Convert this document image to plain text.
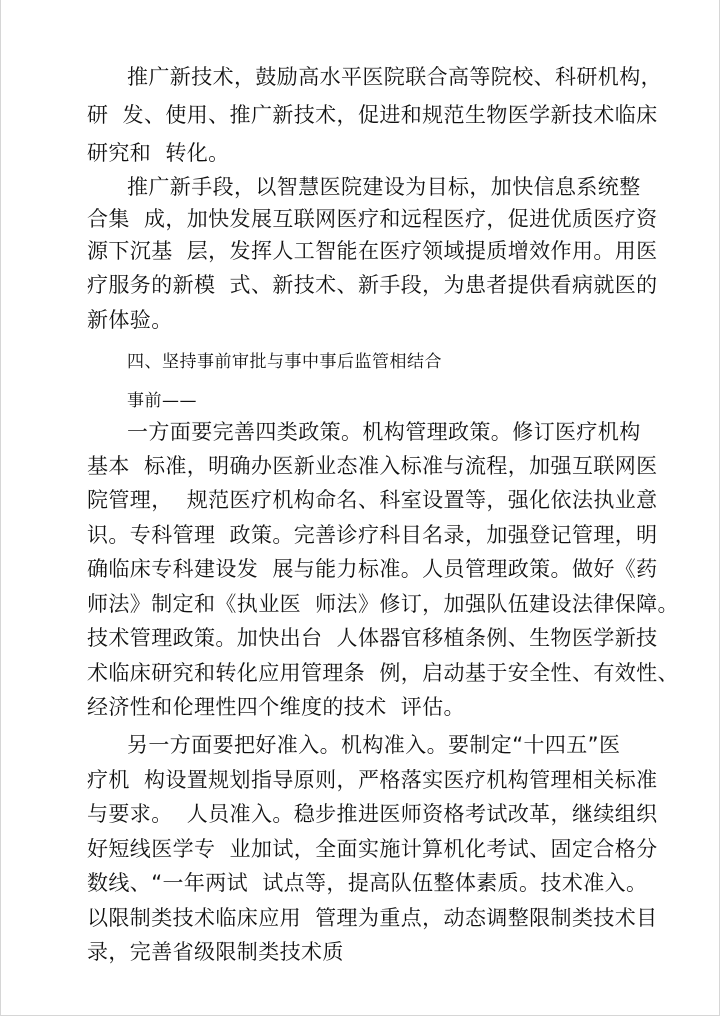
推广新技术，鼓励高水平医院联合高等院校、科研机构，
研  发、使用、推广新技术，促进和规范生物医学新技术临床
研究和  转化。
推广新手段，以智慧医院建设为目标，加快信息系统整
合集  成，加快发展互联网医疗和远程医疗，促进优质医疗资
源下沉基  层，发挥人工智能在医疗领域提质增效作用。用医
疗服务的新模  式、新技术、新手段，为患者提供看病就医的
新体验。
四、坚持事前审批与事中事后监管相结合
事前——
一方面要完善四类政策。机构管理政策。修订医疗机构
基本  标准，明确办医新业态准入标准与流程，加强互联网医
院管理，  规范医疗机构命名、科室设置等，强化依法执业意
识。专科管理  政策。完善诊疗科目名录，加强登记管理，明
确临床专科建设发  展与能力标准。人员管理政策。做好《药
师法》制定和《执业医  师法》修订，加强队伍建设法律保障。
技术管理政策。加快出台  人体器官移植条例、生物医学新技
术临床研究和转化应用管理条  例，启动基于安全性、有效性、
经济性和伦理性四个维度的技术  评估。
另一方面要把好准入。机构准入。要制定“十四五”医
疗机  构设置规划指导原则，严格落实医疗机构管理相关标准
与要求。  人员准入。稳步推进医师资格考试改革，继续组织
好短线医学专  业加试，全面实施计算机化考试、固定合格分
数线、“一年两试  试点等，提高队伍整体素质。技术准入。
以限制类技术临床应用  管理为重点，动态调整限制类技术目
录，完善省级限制类技术质
